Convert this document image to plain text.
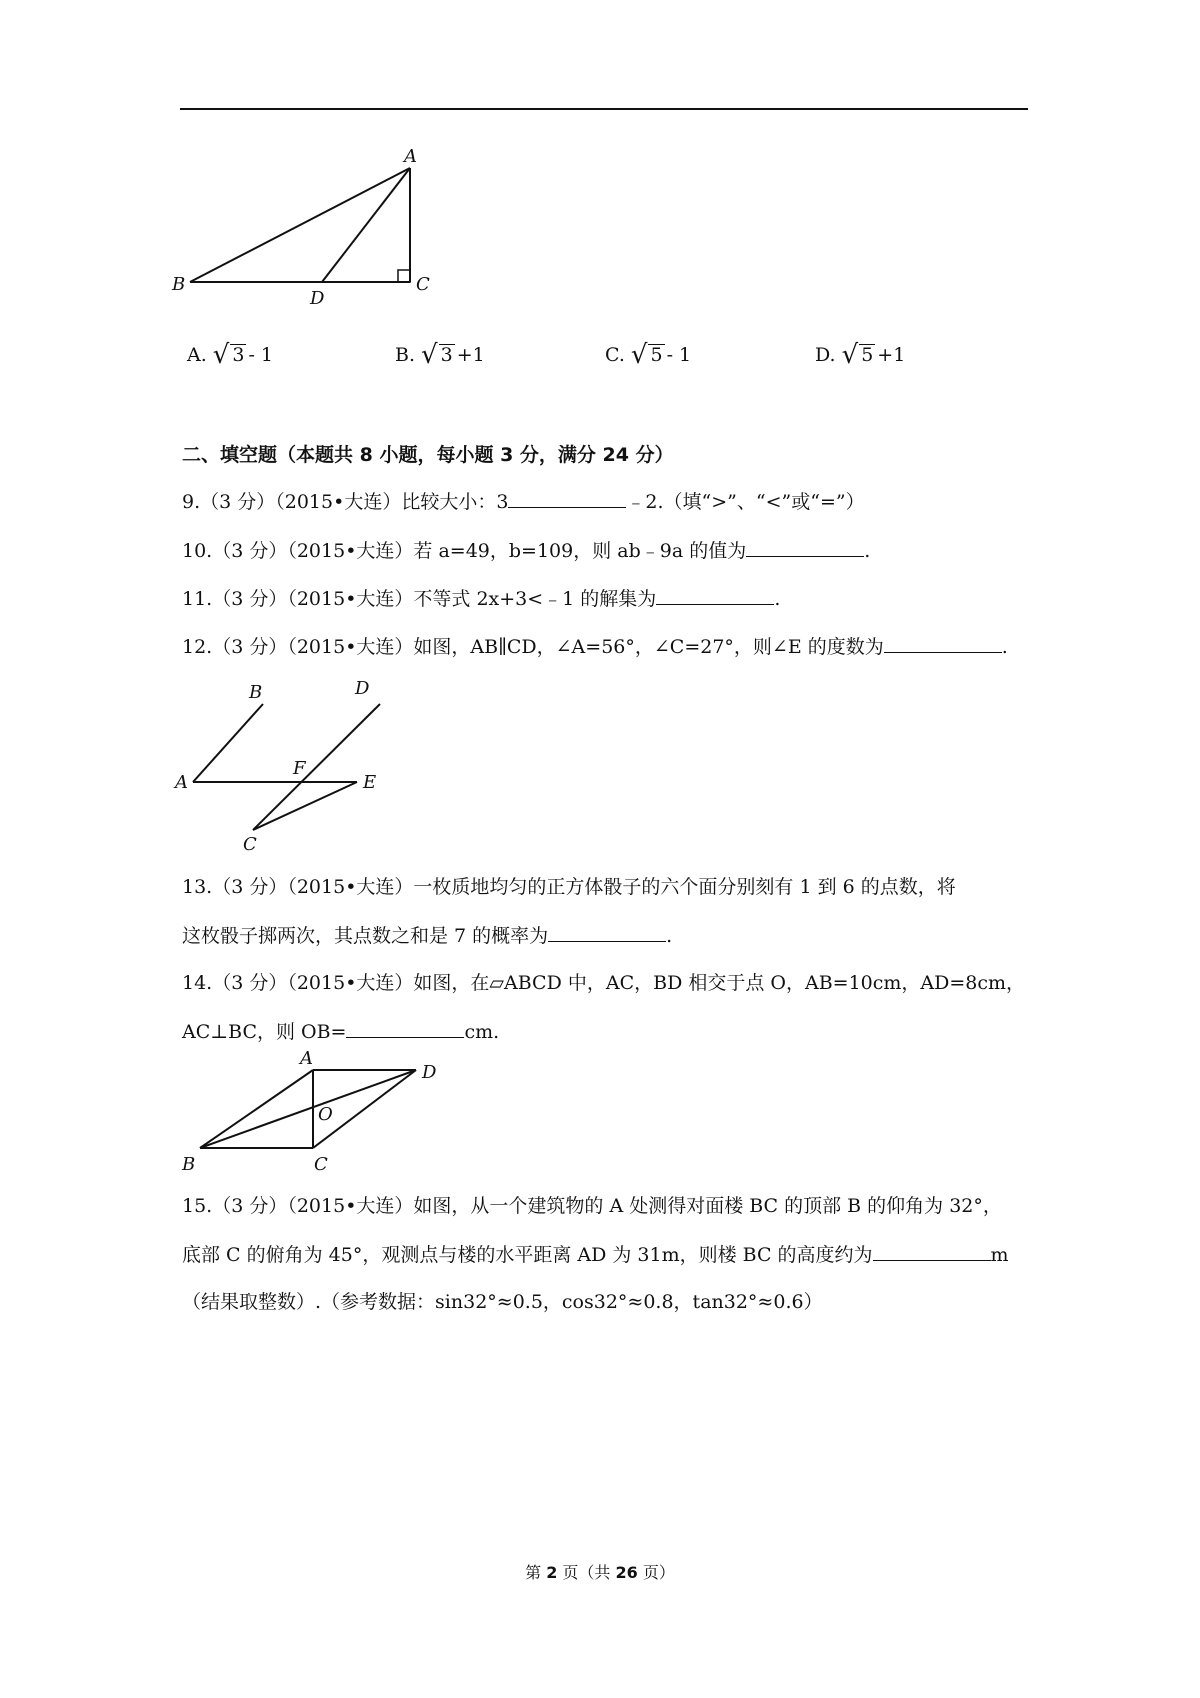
A
B	C
D
A. √ 3 - 1	B. √ 3 +1	C. √ 5 - 1	D. √ 5 +1
二、填空题（本题共 8 小题，每小题 3 分，满分 24 分）
9.（3 分）（2015•大连）比较大小：3	﹣2.（填“>”、“<”或“=”）
10.（3 分）（2015•大连）若 a=49，b=109，则 ab﹣9a 的值为	.
11.（3 分）（2015•大连）不等式 2x+3<﹣1 的解集为	.
12.（3 分）（2015•大连）如图，AB∥CD，∠A=56°，∠C=27°，则∠E 的度数为	.
B	D
A
F
E
C
13.（3 分）（2015•大连）一枚质地均匀的正方体骰子的六个面分别刻有 1 到 6 的点数，将
这枚骰子掷两次，其点数之和是 7 的概率为	.
14.（3 分）（2015•大连）如图，在▱ABCD 中，AC，BD 相交于点 O，AB=10cm，AD=8cm，
AC⊥BC，则 OB=	cm.
A
D
O
B	C
15.（3 分）（2015•大连）如图，从一个建筑物的 A 处测得对面楼 BC 的顶部 B 的仰角为 32°，
底部 C 的俯角为 45°，观测点与楼的水平距离 AD 为 31m，则楼 BC 的高度约为	m
（结果取整数）.（参考数据：sin32°≈0.5，cos32°≈0.8，tan32°≈0.6）
第 2 页（共 26 页）
